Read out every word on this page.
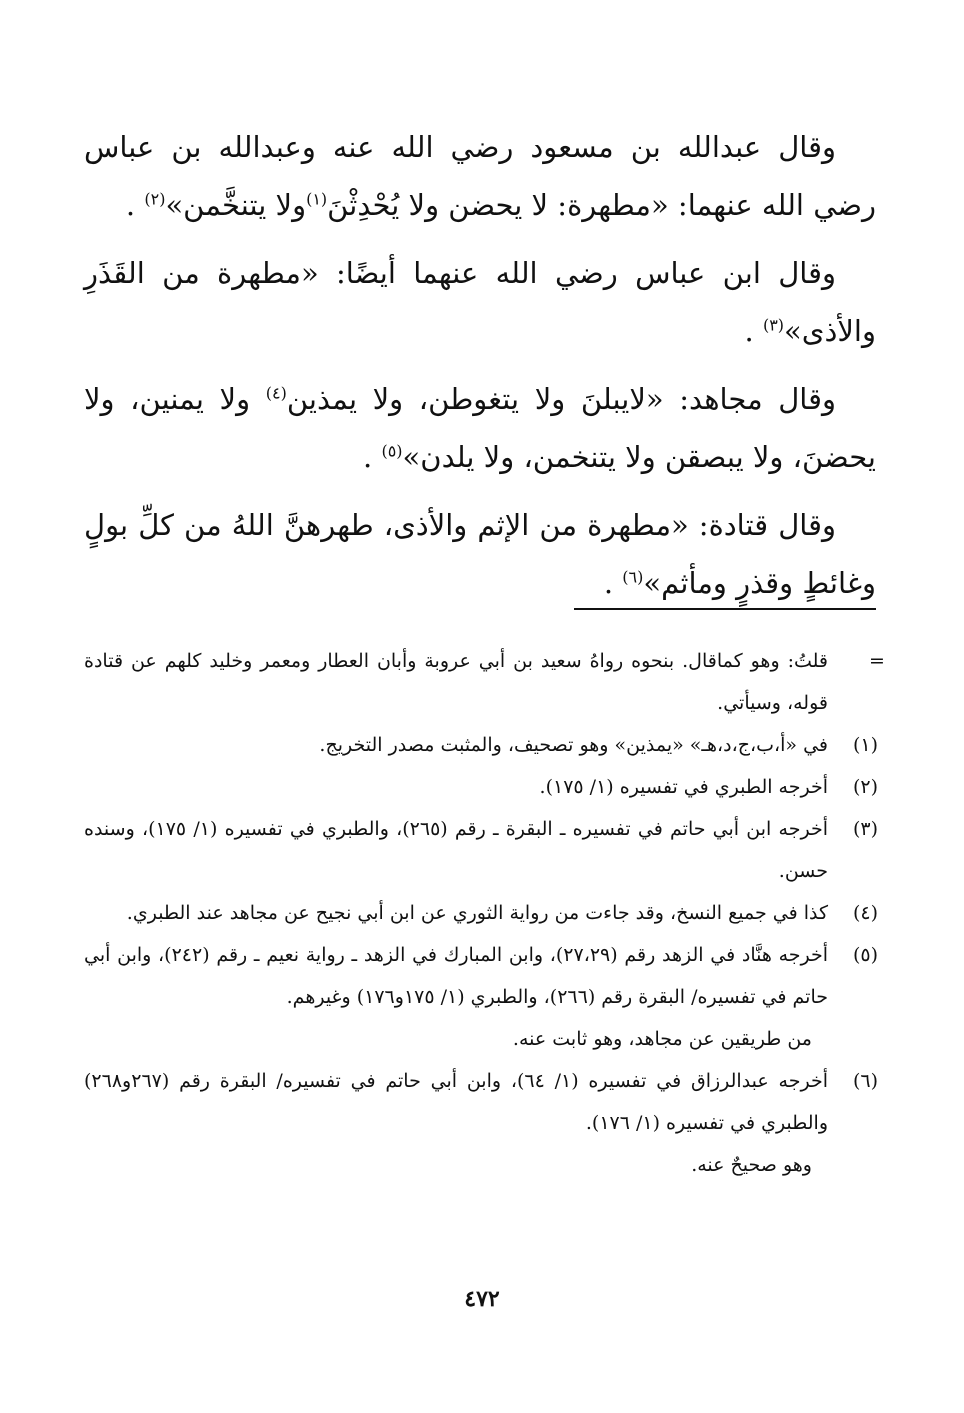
وقال عبدالله بن مسعود رضي الله عنه وعبدالله بن عباس رضي الله عنهما: «مطهرة: لا يحضن ولا يُحْدِثْنَ$^{(١)}$ولا يتنخَّمن»$^{(٢)}$ .

وقال ابن عباس رضي الله عنهما أيضًا: «مطهرة من القَذَرِ والأذى»$^{(٣)}$ .

وقال مجاهد: «لايبلنَ ولا يتغوطن، ولا يمذين$^{(٤)}$ ولا يمنين، ولا يحضنَ، ولا يبصقن ولا يتنخمن، ولا يلدن»$^{(٥)}$ .

وقال قتادة: «مطهرة من الإثم والأذى، طهرهنَّ اللهُ من كلِّ بولٍ وغائطٍ وقذرٍ ومأثم»$^{(٦)}$ .

=
قلتُ: وهو كماقال. بنحوه رواهُ سعيد بن أبي عروبة وأبان العطار ومعمر وخليد كلهم عن قتادة قوله، وسيأتي.
(١)
في «أ،ب،ج،د،هـ» «يمذين» وهو تصحيف، والمثبت مصدر التخريج.
(٢)
أخرجه الطبري في تفسيره (١/ ١٧٥).
(٣)
أخرجه ابن أبي حاتم في تفسيره ـ البقرة ـ رقم (٢٦٥)، والطبري في تفسيره (١/ ١٧٥)، وسنده حسن.
(٤)
كذا في جميع النسخ، وقد جاءت من رواية الثوري عن ابن أبي نجيح عن مجاهد عند الطبري.
(٥)
أخرجه هنَّاد في الزهد رقم (٢٧،٢٩)، وابن المبارك في الزهد ـ رواية نعيم ـ رقم (٢٤٢)، وابن أبي حاتم في تفسيره/ البقرة رقم (٢٦٦)، والطبري (١/ ١٧٥و١٧٦) وغيرهم.
من طريقين عن مجاهد، وهو ثابت عنه.
(٦)
أخرجه عبدالرزاق في تفسيره (١/ ٦٤)، وابن أبي حاتم في تفسيره/ البقرة رقم (٢٦٧و٢٦٨) والطبري في تفسيره (١/ ١٧٦).
وهو صحيحٌ عنه.
٤٧٢
